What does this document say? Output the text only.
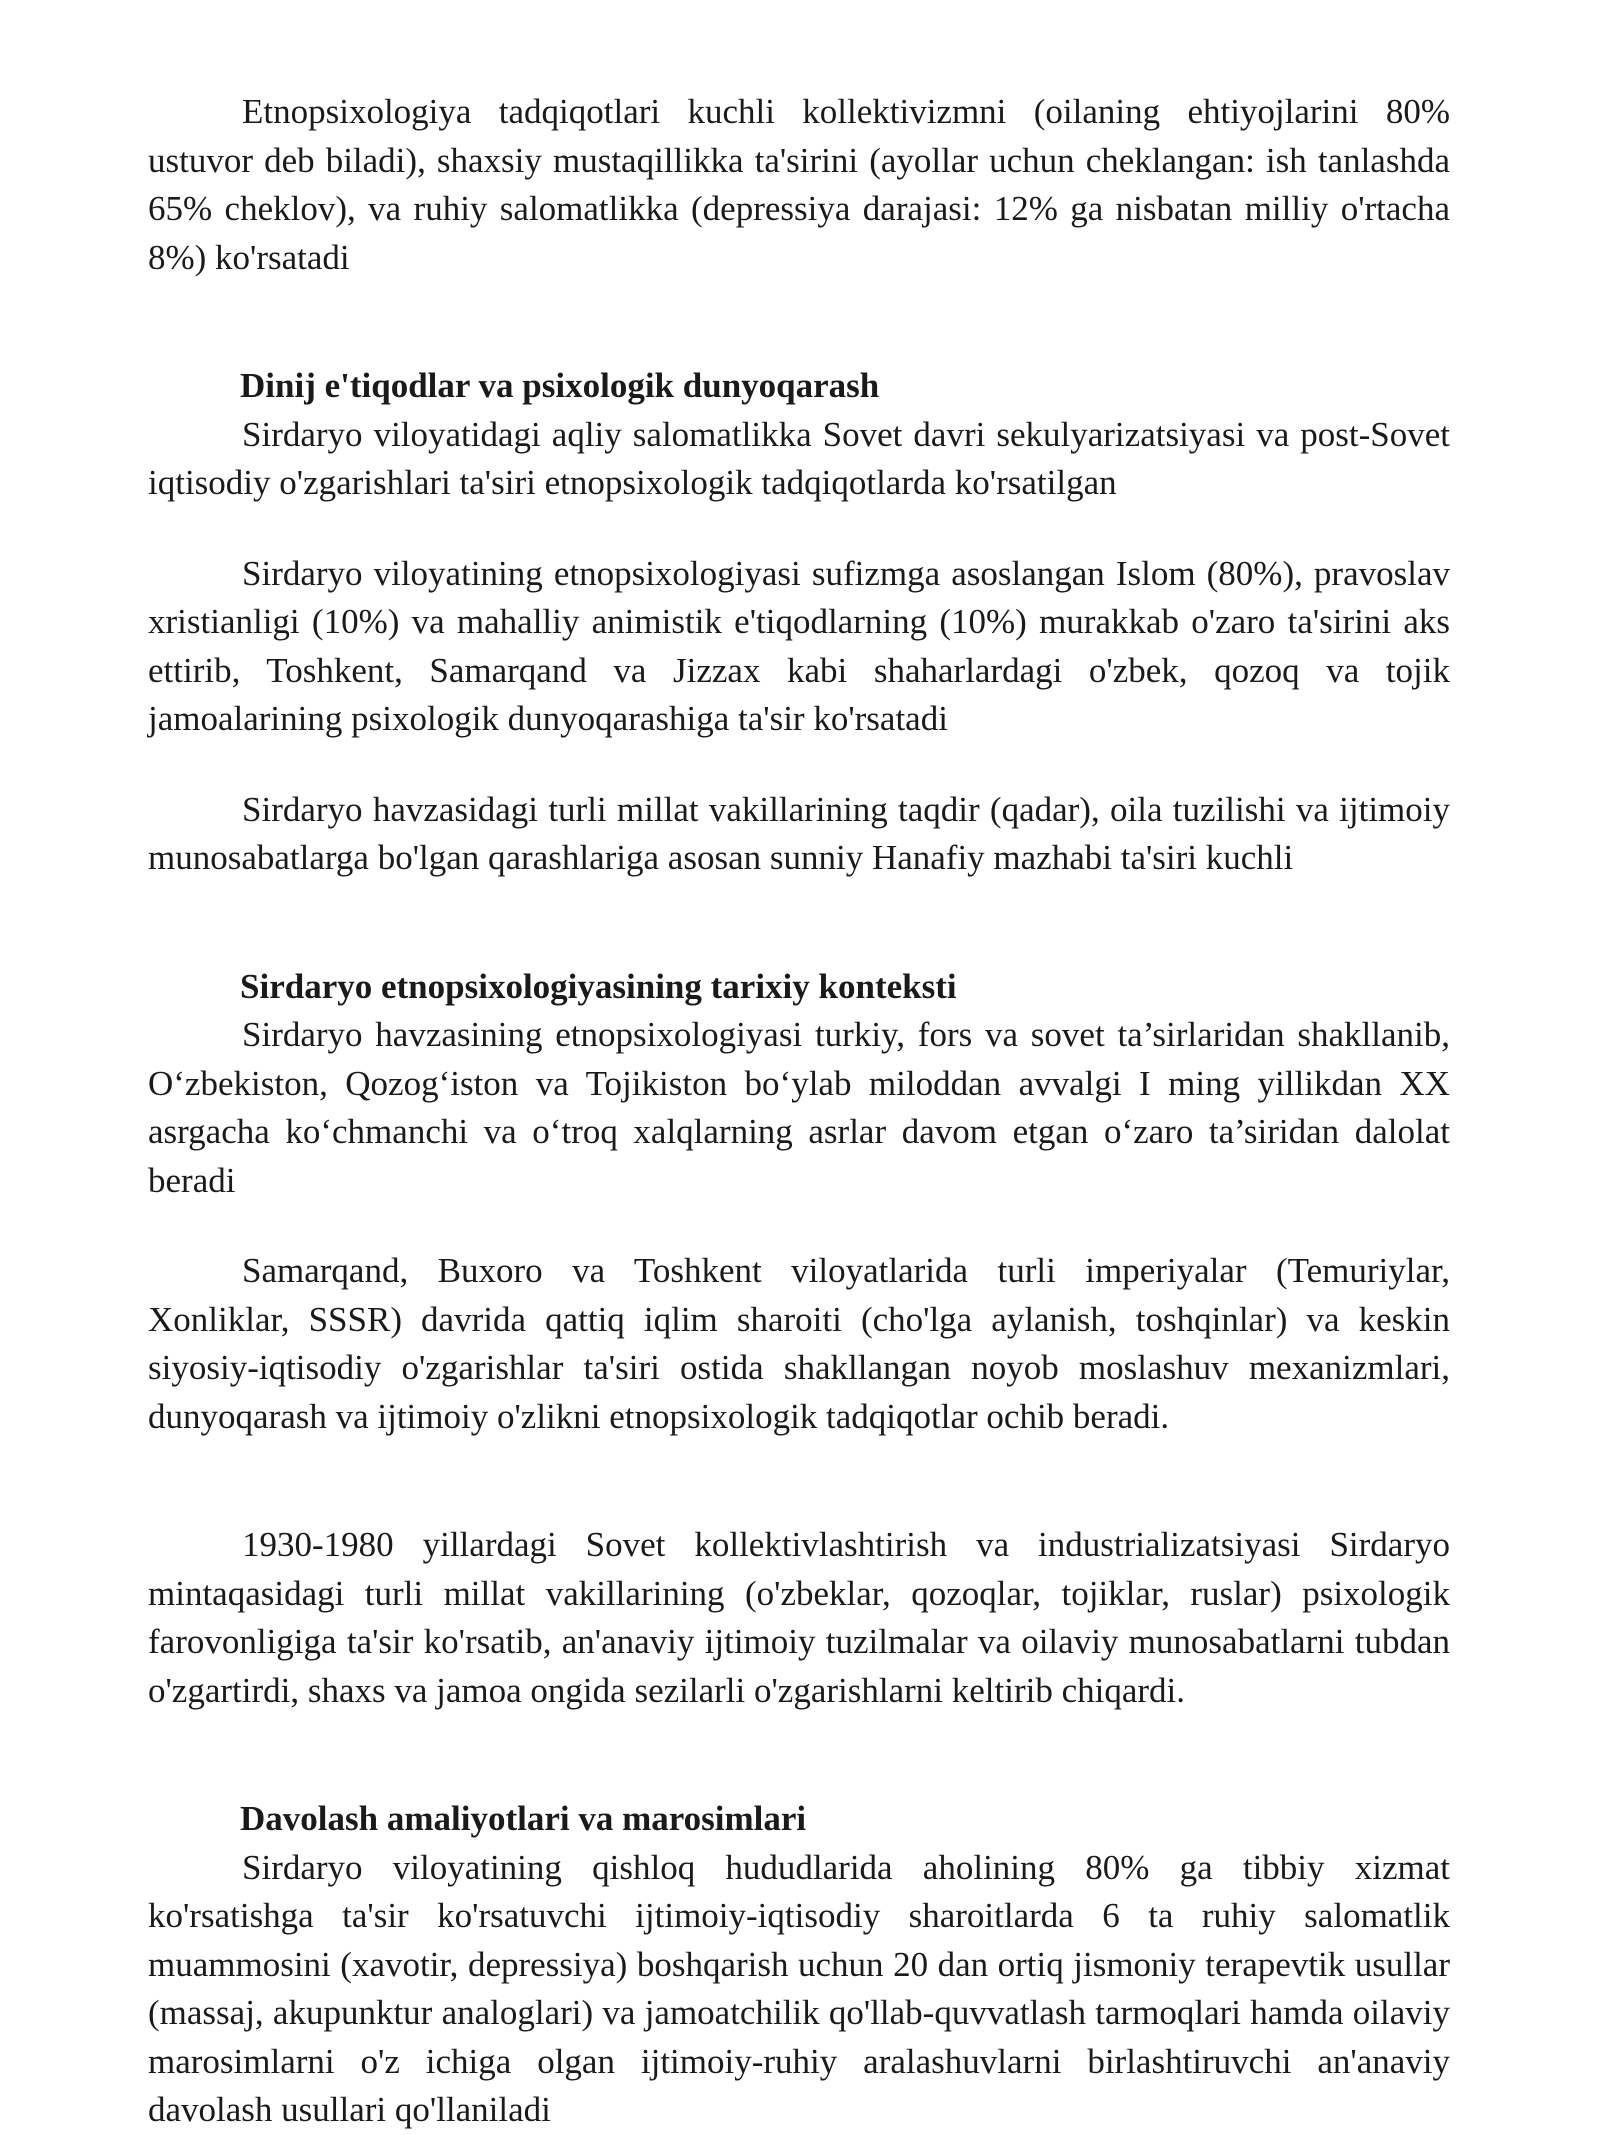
Etnopsixologiya tadqiqotlari kuchli kollektivizmni (oilaning ehtiyojlarini 80% ustuvor deb biladi), shaxsiy mustaqillikka ta'sirini (ayollar uchun cheklangan: ish tanlashda 65% cheklov), va ruhiy salomatlikka (depressiya darajasi: 12% ga nisbatan milliy o'rtacha 8%) ko'rsatadi

Dinij e'tiqodlar va psixologik dunyoqarash

Sirdaryo viloyatidagi aqliy salomatlikka Sovet davri sekulyarizatsiyasi va post-Sovet iqtisodiy o'zgarishlari ta'siri etnopsixologik tadqiqotlarda ko'rsatilgan

Sirdaryo viloyatining etnopsixologiyasi sufizmga asoslangan Islom (80%), pravoslav xristianligi (10%) va mahalliy animistik e'tiqodlarning (10%) murakkab o'zaro ta'sirini aks ettirib, Toshkent, Samarqand va Jizzax kabi shaharlardagi o'zbek, qozoq va tojik jamoalarining psixologik dunyoqarashiga ta'sir ko'rsatadi

Sirdaryo havzasidagi turli millat vakillarining taqdir (qadar), oila tuzilishi va ijtimoiy munosabatlarga bo'lgan qarashlariga asosan sunniy Hanafiy mazhabi ta'siri kuchli

Sirdaryo etnopsixologiyasining tarixiy konteksti

Sirdaryo havzasining etnopsixologiyasi turkiy, fors va sovet ta’sirlaridan shakllanib, O‘zbekiston, Qozog‘iston va Tojikiston bo‘ylab miloddan avvalgi I ming yillikdan XX asrgacha ko‘chmanchi va o‘troq xalqlarning asrlar davom etgan o‘zaro ta’siridan dalolat beradi

Samarqand, Buxoro va Toshkent viloyatlarida turli imperiyalar (Temuriylar, Xonliklar, SSSR) davrida qattiq iqlim sharoiti (cho'lga aylanish, toshqinlar) va keskin siyosiy-iqtisodiy o'zgarishlar ta'siri ostida shakllangan noyob moslashuv mexanizmlari, dunyoqarash va ijtimoiy o'zlikni etnopsixologik tadqiqotlar ochib beradi.

1930-1980 yillardagi Sovet kollektivlashtirish va industrializatsiyasi Sirdaryo mintaqasidagi turli millat vakillarining (o'zbeklar, qozoqlar, tojiklar, ruslar) psixologik farovonligiga ta'sir ko'rsatib, an'anaviy ijtimoiy tuzilmalar va oilaviy munosabatlarni tubdan o'zgartirdi, shaxs va jamoa ongida sezilarli o'zgarishlarni keltirib chiqardi.

Davolash amaliyotlari va marosimlari

Sirdaryo viloyatining qishloq hududlarida aholining 80% ga tibbiy xizmat ko'rsatishga ta'sir ko'rsatuvchi ijtimoiy-iqtisodiy sharoitlarda 6 ta ruhiy salomatlik muammosini (xavotir, depressiya) boshqarish uchun 20 dan ortiq jismoniy terapevtik usullar (massaj, akupunktur analoglari) va jamoatchilik qo'llab-quvvatlash tarmoqlari hamda oilaviy marosimlarni o'z ichiga olgan ijtimoiy-ruhiy aralashuvlarni birlashtiruvchi an'anaviy davolash usullari qo'llaniladi
